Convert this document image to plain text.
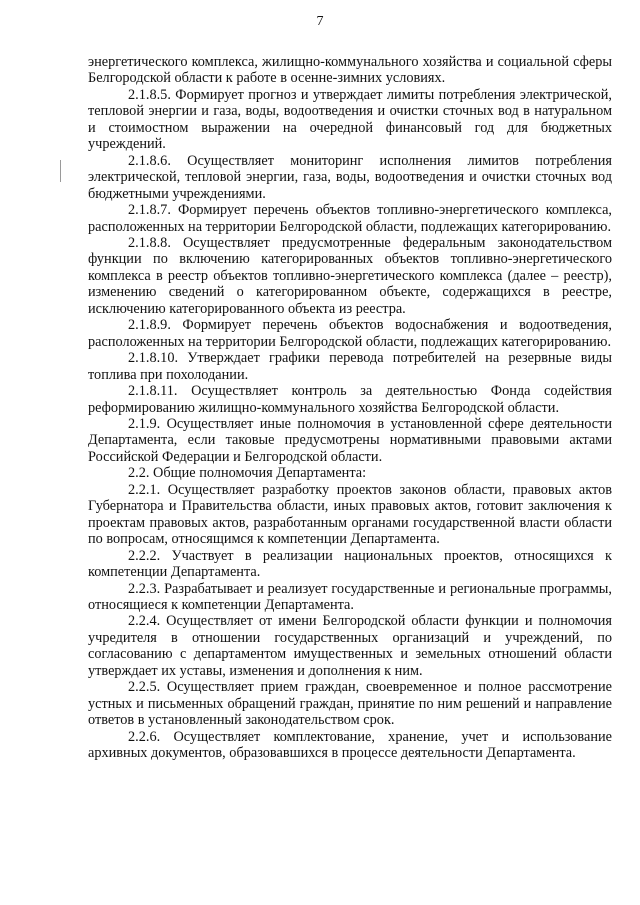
7

энергетического комплекса, жилищно-коммунального хозяйства и социальной сферы Белгородской области к работе в осенне-зимних условиях.

2.1.8.5. Формирует прогноз и утверждает лимиты потребления электрической, тепловой энергии и газа, воды, водоотведения и очистки сточных вод в натуральном и стоимостном выражении на очередной финансовый год для бюджетных учреждений.

2.1.8.6. Осуществляет мониторинг исполнения лимитов потребления электрической, тепловой энергии, газа, воды, водоотведения и очистки сточных вод бюджетными учреждениями.

2.1.8.7. Формирует перечень объектов топливно-энергетического комплекса, расположенных на территории Белгородской области, подлежащих категорированию.

2.1.8.8. Осуществляет предусмотренные федеральным законодательством функции по включению категорированных объектов топливно-энергетического комплекса в реестр объектов топливно-энергетического комплекса (далее – реестр), изменению сведений о категорированном объекте, содержащихся в реестре, исключению категорированного объекта из реестра.

2.1.8.9. Формирует перечень объектов водоснабжения и водоотведения, расположенных на территории Белгородской области, подлежащих категорированию.

2.1.8.10. Утверждает графики перевода потребителей на резервные виды топлива при похолодании.

2.1.8.11. Осуществляет контроль за деятельностью Фонда содействия реформированию жилищно-коммунального хозяйства Белгородской области.

2.1.9. Осуществляет иные полномочия в установленной сфере деятельности Департамента, если таковые предусмотрены нормативными правовыми актами Российской Федерации и Белгородской области.

2.2. Общие полномочия Департамента:

2.2.1. Осуществляет разработку проектов законов области, правовых актов Губернатора и Правительства области, иных правовых актов, готовит заключения к проектам правовых актов, разработанным органами государственной власти области по вопросам, относящимся к компетенции Департамента.

2.2.2. Участвует в реализации национальных проектов, относящихся к компетенции Департамента.

2.2.3. Разрабатывает и реализует государственные и региональные программы, относящиеся к компетенции Департамента.

2.2.4. Осуществляет от имени Белгородской области функции и полномочия учредителя в отношении государственных организаций и учреждений, по согласованию с департаментом имущественных и земельных отношений области утверждает их уставы, изменения и дополнения к ним.

2.2.5. Осуществляет прием граждан, своевременное и полное рассмотрение устных и письменных обращений граждан, принятие по ним решений и направление ответов в установленный законодательством срок.

2.2.6. Осуществляет комплектование, хранение, учет и использование архивных документов, образовавшихся в процессе деятельности Департамента.
